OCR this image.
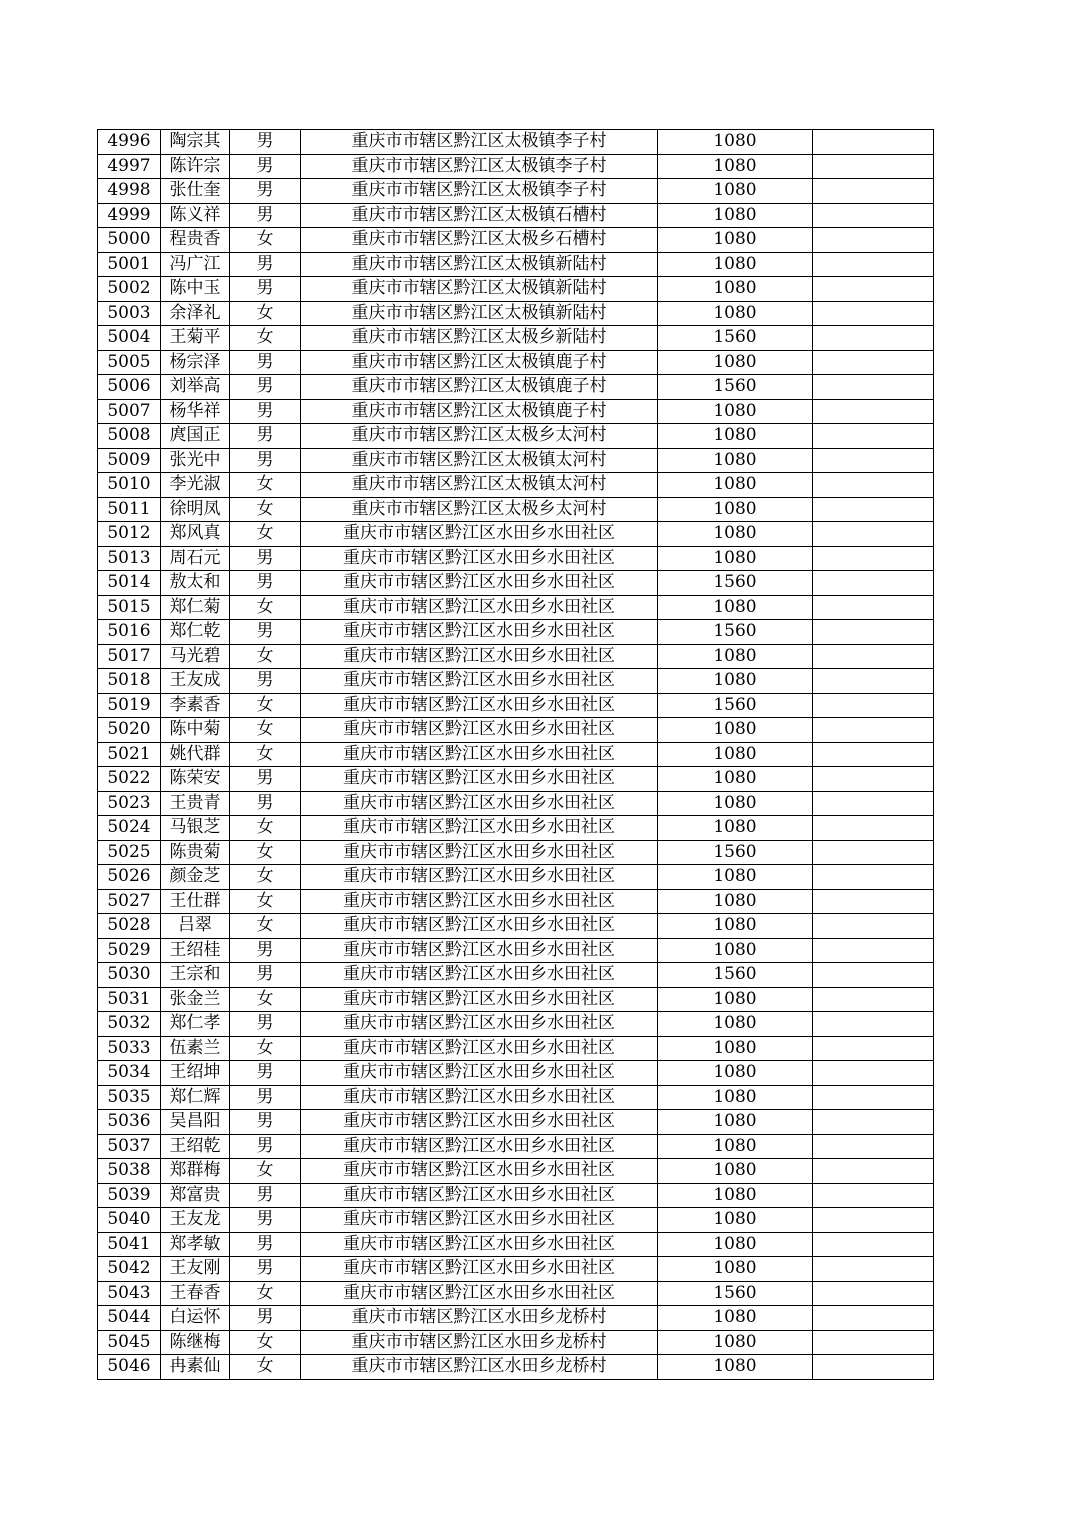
4996	陶宗其	男	重庆市市辖区黔江区太极镇李子村	1080	
4997	陈许宗	男	重庆市市辖区黔江区太极镇李子村	1080	
4998	张仕奎	男	重庆市市辖区黔江区太极镇李子村	1080	
4999	陈义祥	男	重庆市市辖区黔江区太极镇石槽村	1080	
5000	程贵香	女	重庆市市辖区黔江区太极乡石槽村	1080	
5001	冯广江	男	重庆市市辖区黔江区太极镇新陆村	1080	
5002	陈中玉	男	重庆市市辖区黔江区太极镇新陆村	1080	
5003	余泽礼	女	重庆市市辖区黔江区太极镇新陆村	1080	
5004	王菊平	女	重庆市市辖区黔江区太极乡新陆村	1560	
5005	杨宗泽	男	重庆市市辖区黔江区太极镇鹿子村	1080	
5006	刘举高	男	重庆市市辖区黔江区太极镇鹿子村	1560	
5007	杨华祥	男	重庆市市辖区黔江区太极镇鹿子村	1080	
5008	庹国正	男	重庆市市辖区黔江区太极乡太河村	1080	
5009	张光中	男	重庆市市辖区黔江区太极镇太河村	1080	
5010	李光淑	女	重庆市市辖区黔江区太极镇太河村	1080	
5011	徐明凤	女	重庆市市辖区黔江区太极乡太河村	1080	
5012	郑风真	女	重庆市市辖区黔江区水田乡水田社区	1080	
5013	周石元	男	重庆市市辖区黔江区水田乡水田社区	1080	
5014	敖太和	男	重庆市市辖区黔江区水田乡水田社区	1560	
5015	郑仁菊	女	重庆市市辖区黔江区水田乡水田社区	1080	
5016	郑仁乾	男	重庆市市辖区黔江区水田乡水田社区	1560	
5017	马光碧	女	重庆市市辖区黔江区水田乡水田社区	1080	
5018	王友成	男	重庆市市辖区黔江区水田乡水田社区	1080	
5019	李素香	女	重庆市市辖区黔江区水田乡水田社区	1560	
5020	陈中菊	女	重庆市市辖区黔江区水田乡水田社区	1080	
5021	姚代群	女	重庆市市辖区黔江区水田乡水田社区	1080	
5022	陈荣安	男	重庆市市辖区黔江区水田乡水田社区	1080	
5023	王贵青	男	重庆市市辖区黔江区水田乡水田社区	1080	
5024	马银芝	女	重庆市市辖区黔江区水田乡水田社区	1080	
5025	陈贵菊	女	重庆市市辖区黔江区水田乡水田社区	1560	
5026	颜金芝	女	重庆市市辖区黔江区水田乡水田社区	1080	
5027	王仕群	女	重庆市市辖区黔江区水田乡水田社区	1080	
5028	吕翠	女	重庆市市辖区黔江区水田乡水田社区	1080	
5029	王绍桂	男	重庆市市辖区黔江区水田乡水田社区	1080	
5030	王宗和	男	重庆市市辖区黔江区水田乡水田社区	1560	
5031	张金兰	女	重庆市市辖区黔江区水田乡水田社区	1080	
5032	郑仁孝	男	重庆市市辖区黔江区水田乡水田社区	1080	
5033	伍素兰	女	重庆市市辖区黔江区水田乡水田社区	1080	
5034	王绍坤	男	重庆市市辖区黔江区水田乡水田社区	1080	
5035	郑仁辉	男	重庆市市辖区黔江区水田乡水田社区	1080	
5036	吴昌阳	男	重庆市市辖区黔江区水田乡水田社区	1080	
5037	王绍乾	男	重庆市市辖区黔江区水田乡水田社区	1080	
5038	郑群梅	女	重庆市市辖区黔江区水田乡水田社区	1080	
5039	郑富贵	男	重庆市市辖区黔江区水田乡水田社区	1080	
5040	王友龙	男	重庆市市辖区黔江区水田乡水田社区	1080	
5041	郑孝敏	男	重庆市市辖区黔江区水田乡水田社区	1080	
5042	王友刚	男	重庆市市辖区黔江区水田乡水田社区	1080	
5043	王春香	女	重庆市市辖区黔江区水田乡水田社区	1560	
5044	白运怀	男	重庆市市辖区黔江区水田乡龙桥村	1080	
5045	陈继梅	女	重庆市市辖区黔江区水田乡龙桥村	1080	
5046	冉素仙	女	重庆市市辖区黔江区水田乡龙桥村	1080	
